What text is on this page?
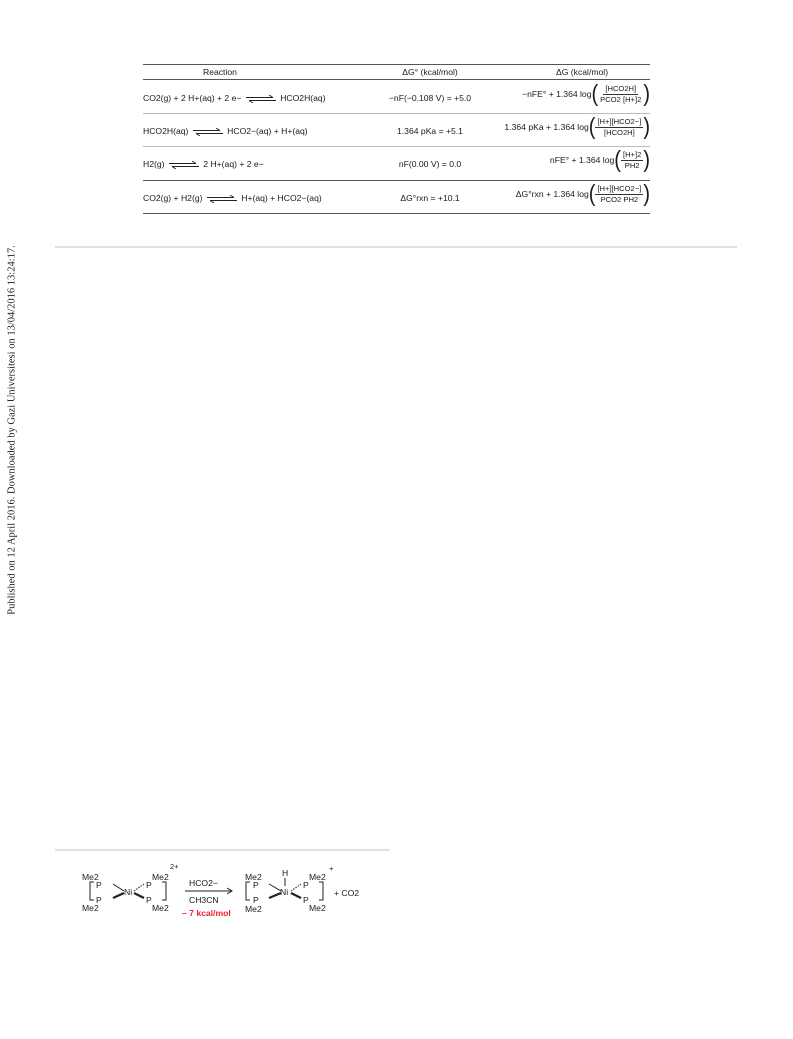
Published on 12 April 2016. Downloaded by Gazi Universitesi on 13/04/2016 13:24:17.
Reaction	ΔG° (kcal/mol)	ΔG (kcal/mol)
CO2(g) + 2 H+(aq) + 2 e− ⇌ HCO2H(aq)	−nF(−0.108 V) = +5.0	−nFE° + 1.364 log ( $\frac{\text{[HCO2H]}}{\text{PCO2 [H+]2}}$ )
HCO2H(aq) ⇌ HCO2−(aq) + H+(aq)	1.364 pKa = +5.1	1.364 pKa + 1.364 log ( $\frac{\text{[H+][HCO2−]}}{\text{[HCO2H]}}$ )
H2(g) ⇌ 2 H+(aq) + 2 e−	nF(0.00 V) = 0.0	nFE° + 1.364 log ( $\frac{[H+]2}{PH2}$ )
CO2(g) + H2(g) ⇌ H+(aq) + HCO2−(aq)	ΔG°rxn = +10.1	ΔG°rxn + 1.364 log ( $\frac{\text{[H+][HCO2−]}}{\text{PCO2 PH2}}$ )
Me2
P
P
Me2
Ni
P
P
Me2
Me2
2+
HCO2−
CH3CN
– 7 kcal/mol
Me2
P
P
Me2
H
Ni
P
P
Me2
Me2
+
+ CO2
